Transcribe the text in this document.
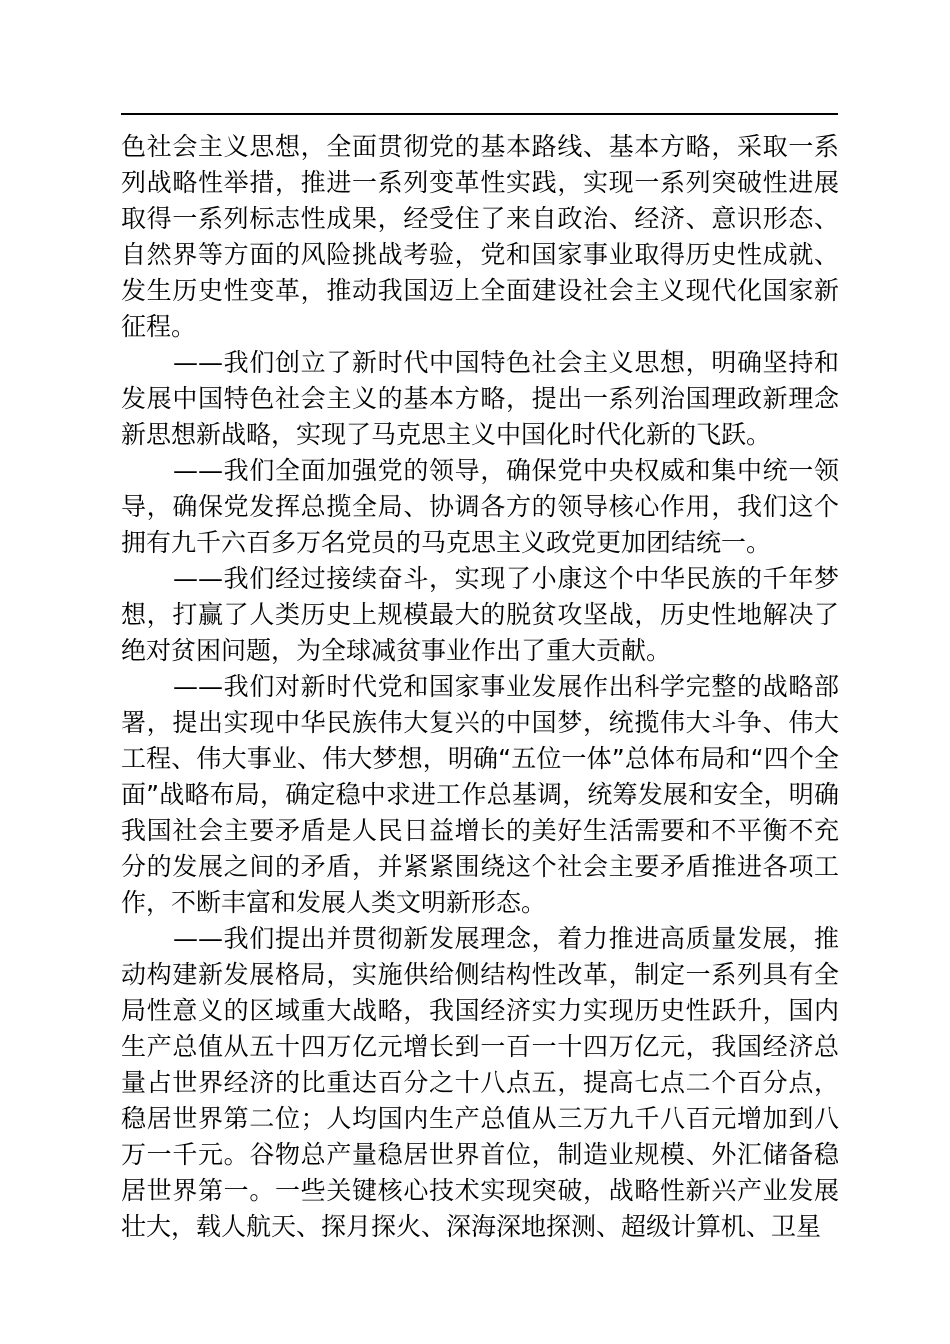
色社会主义思想，全面贯彻党的基本路线、基本方略，采取一系列战略性举措，推进一系列变革性实践，实现一系列突破性进展取得一系列标志性成果，经受住了来自政治、经济、意识形态、自然界等方面的风险挑战考验，党和国家事业取得历史性成就、发生历史性变革，推动我国迈上全面建设社会主义现代化国家新征程。

——我们创立了新时代中国特色社会主义思想，明确坚持和发展中国特色社会主义的基本方略，提出一系列治国理政新理念新思想新战略，实现了马克思主义中国化时代化新的飞跃。

——我们全面加强党的领导，确保党中央权威和集中统一领导，确保党发挥总揽全局、协调各方的领导核心作用，我们这个拥有九千六百多万名党员的马克思主义政党更加团结统一。

——我们经过接续奋斗，实现了小康这个中华民族的千年梦想，打赢了人类历史上规模最大的脱贫攻坚战，历史性地解决了绝对贫困问题，为全球减贫事业作出了重大贡献。

——我们对新时代党和国家事业发展作出科学完整的战略部署，提出实现中华民族伟大复兴的中国梦，统揽伟大斗争、伟大工程、伟大事业、伟大梦想，明确“五位一体”总体布局和“四个全面”战略布局，确定稳中求进工作总基调，统筹发展和安全，明确我国社会主要矛盾是人民日益增长的美好生活需要和不平衡不充分的发展之间的矛盾，并紧紧围绕这个社会主要矛盾推进各项工作，不断丰富和发展人类文明新形态。

——我们提出并贯彻新发展理念，着力推进高质量发展，推动构建新发展格局，实施供给侧结构性改革，制定一系列具有全局性意义的区域重大战略，我国经济实力实现历史性跃升，国内生产总值从五十四万亿元增长到一百一十四万亿元，我国经济总量占世界经济的比重达百分之十八点五，提高七点二个百分点，稳居世界第二位；人均国内生产总值从三万九千八百元增加到八万一千元。谷物总产量稳居世界首位，制造业规模、外汇储备稳居世界第一。一些关键核心技术实现突破，战略性新兴产业发展壮大，载人航天、探月探火、深海深地探测、超级计算机、卫星
